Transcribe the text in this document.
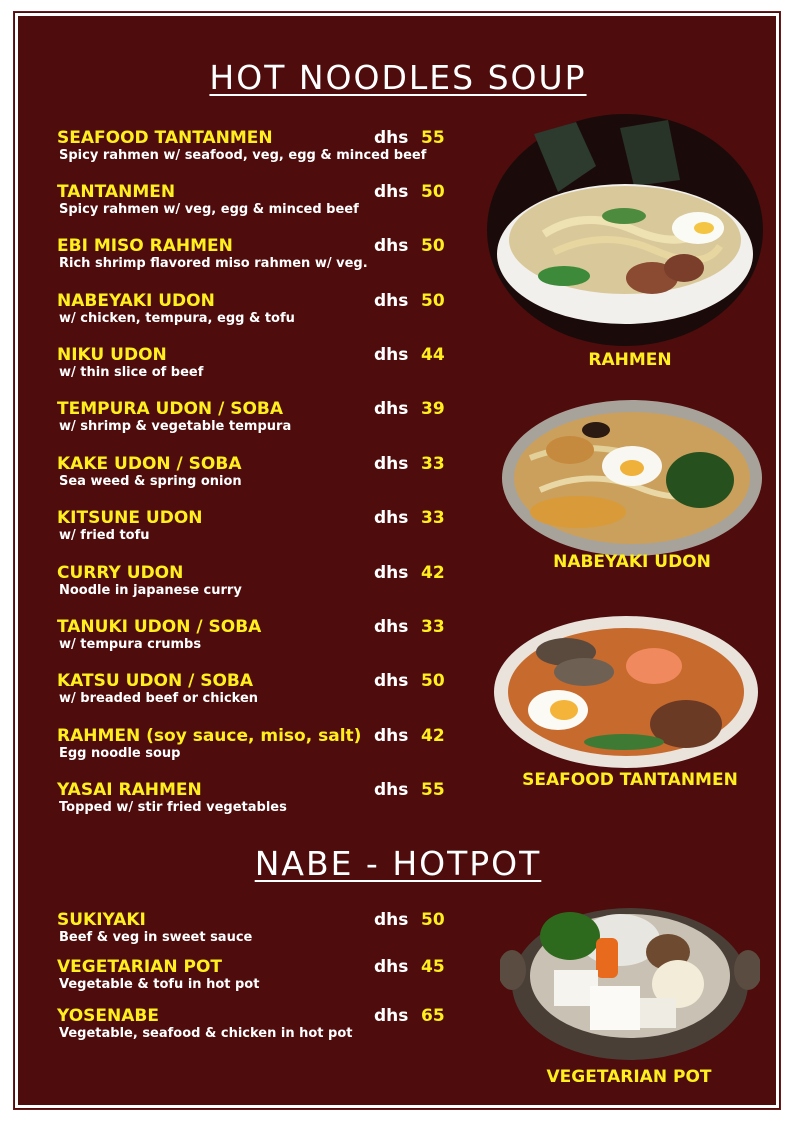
HOT NOODLES SOUP
SEAFOOD TANTANMEN
Spicy rahmen w/ seafood, veg, egg & minced beef
dhs 55
TANTANMEN
Spicy rahmen w/ veg, egg & minced beef
dhs 50
EBI MISO RAHMEN
Rich shrimp flavored miso rahmen w/ veg.
dhs 50
NABEYAKI UDON
w/ chicken, tempura, egg & tofu
dhs 50
NIKU UDON
w/ thin slice of beef
dhs 44
TEMPURA UDON / SOBA
w/ shrimp & vegetable tempura
dhs 39
KAKE UDON / SOBA
Sea weed & spring onion
dhs 33
KITSUNE UDON
w/ fried tofu
dhs 33
CURRY UDON
Noodle in japanese curry
dhs 42
TANUKI UDON / SOBA
w/ tempura crumbs
dhs 33
KATSU UDON / SOBA
w/ breaded beef or chicken
dhs 50
RAHMEN (soy sauce, miso, salt)
Egg noodle soup
dhs 42
YASAI RAHMEN
Topped w/ stir fried vegetables
dhs 55
NABE - HOTPOT
SUKIYAKI
Beef & veg in sweet sauce
dhs 50
VEGETARIAN POT
Vegetable & tofu in hot pot
dhs 45
YOSENABE
Vegetable, seafood & chicken in hot pot
dhs 65
RAHMEN
NABEYAKI UDON
SEAFOOD TANTANMEN
VEGETARIAN POT
